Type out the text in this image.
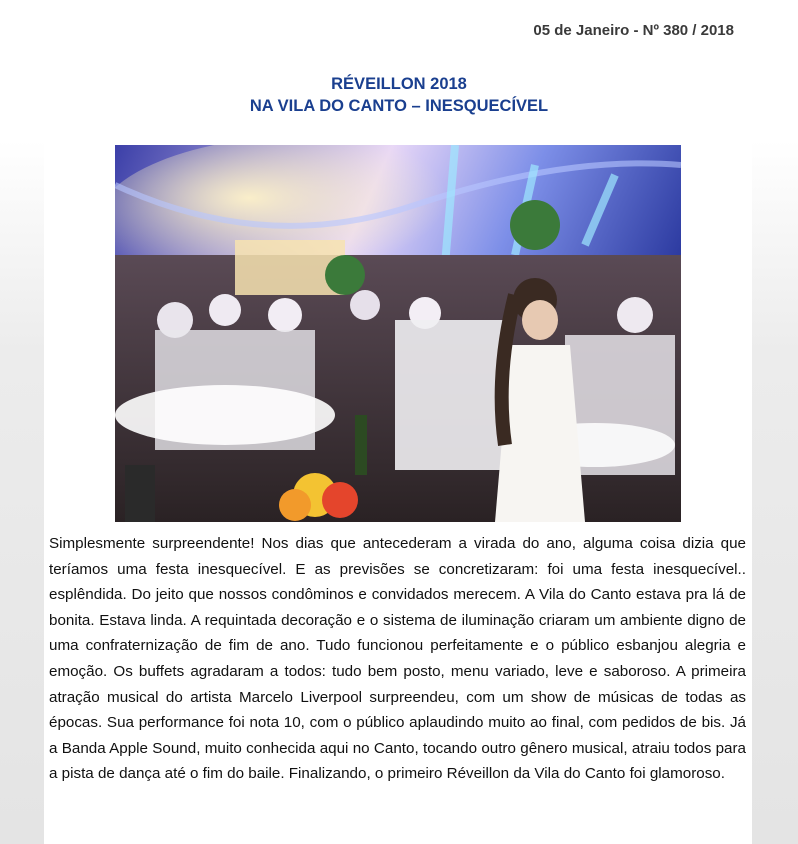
05 de Janeiro - Nº 380 / 2018
RÉVEILLON 2018
NA VILA DO CANTO – INESQUECÍVEL
Simplesmente surpreendente! Nos dias que antecederam a virada do ano, alguma coisa dizia que teríamos uma festa inesquecível. E as previsões se concretizaram: foi uma festa inesquecível.. esplêndida. Do jeito que nossos condôminos e convidados merecem. A Vila do Canto estava pra lá de bonita. Estava linda. A requintada decoração e o sistema de iluminação criaram um ambiente digno de uma confraternização de fim de ano. Tudo funcionou perfeitamente e o público esbanjou alegria e emoção. Os buffets agradaram a todos: tudo bem posto, menu variado, leve e saboroso. A primeira atração musical do artista Marcelo Liverpool surpreendeu, com um show de músicas de todas as épocas. Sua performance foi nota 10, com o público aplaudindo muito ao final, com pedidos de bis. Já a Banda Apple Sound, muito conhecida aqui no Canto, tocando outro gênero musical, atraiu todos para a pista de dança até o fim do baile. Finalizando, o primeiro Réveillon da Vila do Canto foi glamoroso.
